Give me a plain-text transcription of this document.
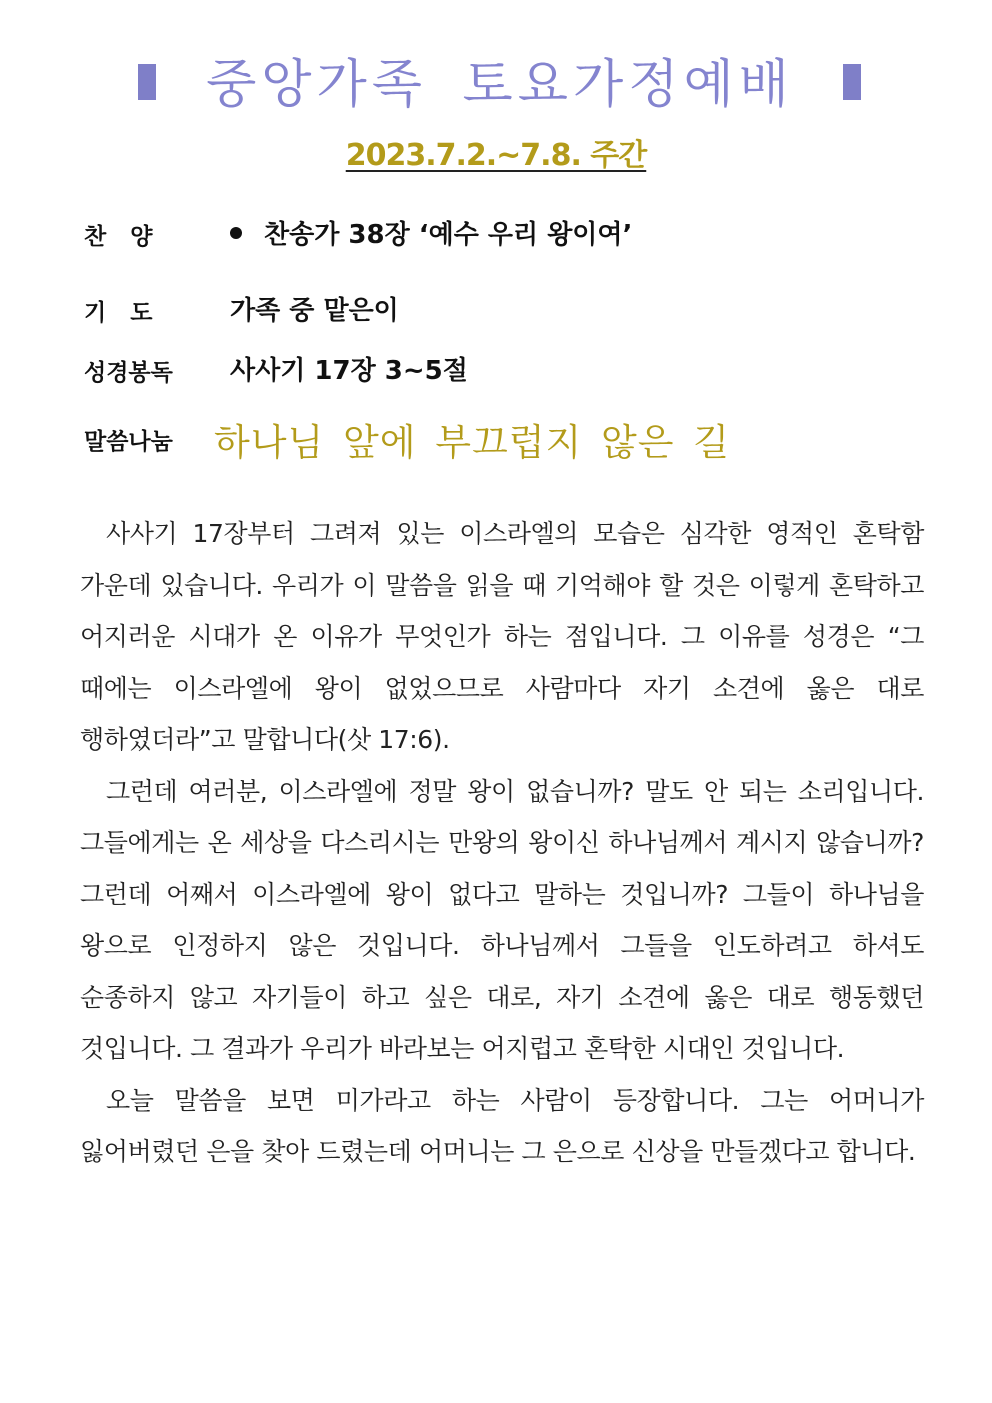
중앙가족 토요가정예배
2023.7.2.~7.8. 주간
찬   양	찬송가 38장 ‘예수 우리 왕이여’
기   도	가족 중 맡은이
성경봉독 사사기 17장 3~5절
말씀나눔 하나님 앞에 부끄럽지 않은 길

사사기 17장부터 그려져 있는 이스라엘의 모습은 심각한 영적인 혼탁함 가운데 있습니다. 우리가 이 말씀을 읽을 때 기억해야 할 것은 이렇게 혼탁하고 어지러운 시대가 온 이유가 무엇인가 하는 점입니다. 그 이유를 성경은 “그 때에는 이스라엘에 왕이 없었으므로 사람마다 자기 소견에 옳은 대로 행하였더라”고 말합니다(삿 17:6).

그런데 여러분, 이스라엘에 정말 왕이 없습니까? 말도 안 되는 소리입니다. 그들에게는 온 세상을 다스리시는 만왕의 왕이신 하나님께서 계시지 않습니까? 그런데 어째서 이스라엘에 왕이 없다고 말하는 것입니까? 그들이 하나님을 왕으로 인정하지 않은 것입니다. 하나님께서 그들을 인도하려고 하셔도 순종하지 않고 자기들이 하고 싶은 대로, 자기 소견에 옳은 대로 행동했던 것입니다. 그 결과가 우리가 바라보는 어지럽고 혼탁한 시대인 것입니다.

오늘 말씀을 보면 미가라고 하는 사람이 등장합니다. 그는 어머니가 잃어버렸던 은을 찾아 드렸는데 어머니는 그 은으로 신상을 만들겠다고 합니다.
